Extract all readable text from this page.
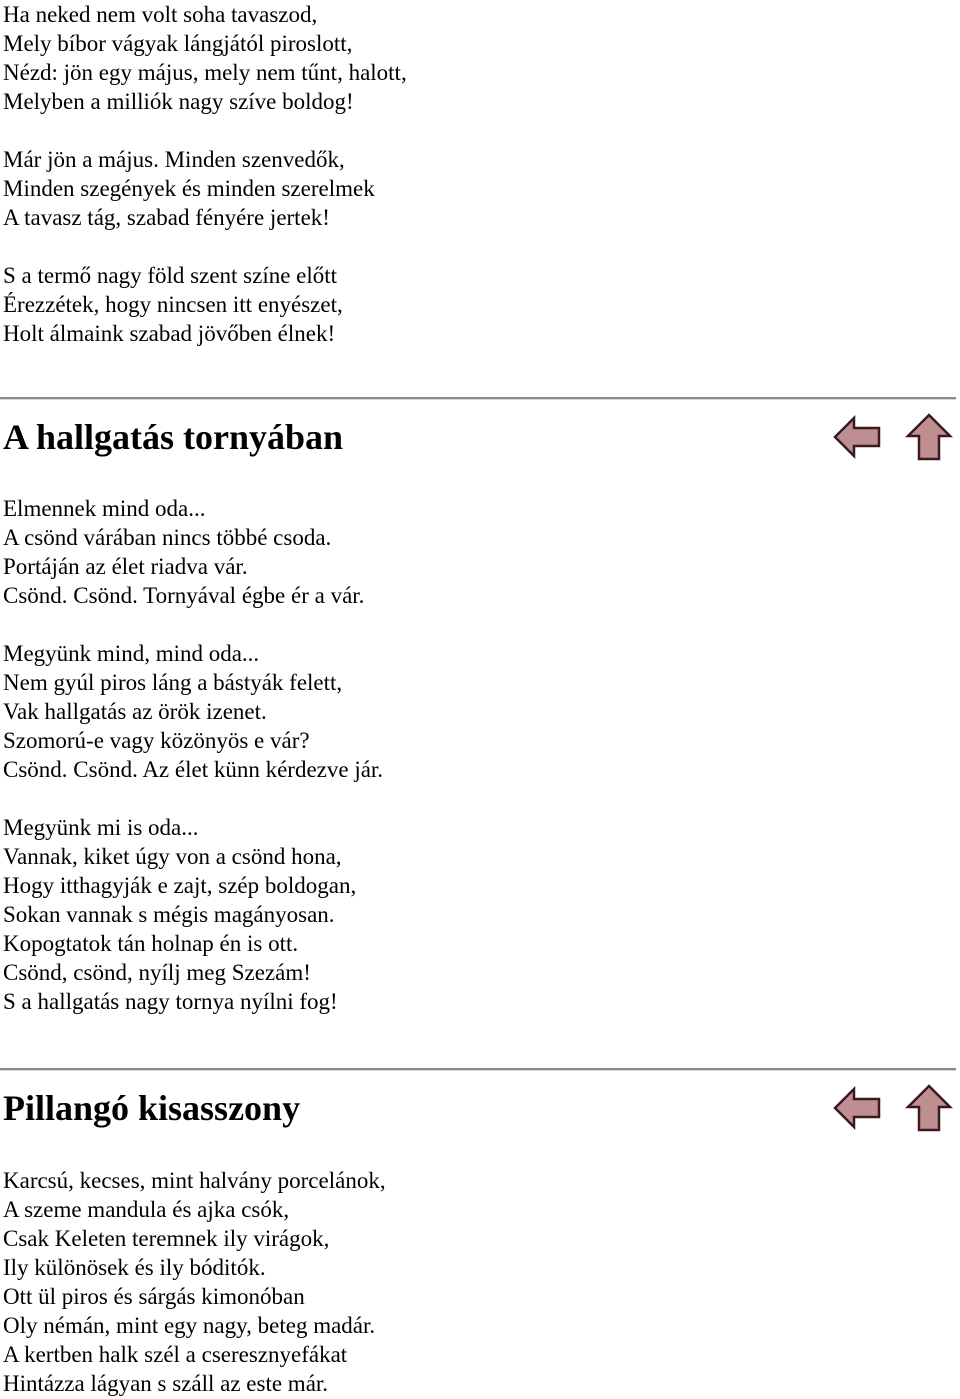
Ha neked nem volt soha tavaszod,
Mely bíbor vágyak lángjától piroslott,
Nézd: jön egy május, mely nem tűnt, halott,
Melyben a milliók nagy szíve boldog!
Már jön a május. Minden szenvedők,
Minden szegények és minden szerelmek
A tavasz tág, szabad fényére jertek!
S a termő nagy föld szent színe előtt
Érezzétek, hogy nincsen itt enyészet,
Holt álmaink szabad jövőben élnek!
A hallgatás tornyában
Elmennek mind oda...
A csönd várában nincs többé csoda.
Portáján az élet riadva vár.
Csönd. Csönd. Tornyával égbe ér a vár.
Megyünk mind, mind oda...
Nem gyúl piros láng a bástyák felett,
Vak hallgatás az örök izenet.
Szomorú-e vagy közönyös e vár?
Csönd. Csönd. Az élet künn kérdezve jár.
Megyünk mi is oda...
Vannak, kiket úgy von a csönd hona,
Hogy itthagyják e zajt, szép boldogan,
Sokan vannak s mégis magányosan.
Kopogtatok tán holnap én is ott.
Csönd, csönd, nyílj meg Szezám!
S a hallgatás nagy tornya nyílni fog!
Pillangó kisasszony
Karcsú, kecses, mint halvány porcelánok,
A szeme mandula és ajka csók,
Csak Keleten teremnek ily virágok,
Ily különösek és ily bóditók.
Ott ül piros és sárgás kimonóban
Oly némán, mint egy nagy, beteg madár.
A kertben halk szél a cseresznyefákat
Hintázza lágyan s száll az este már.
